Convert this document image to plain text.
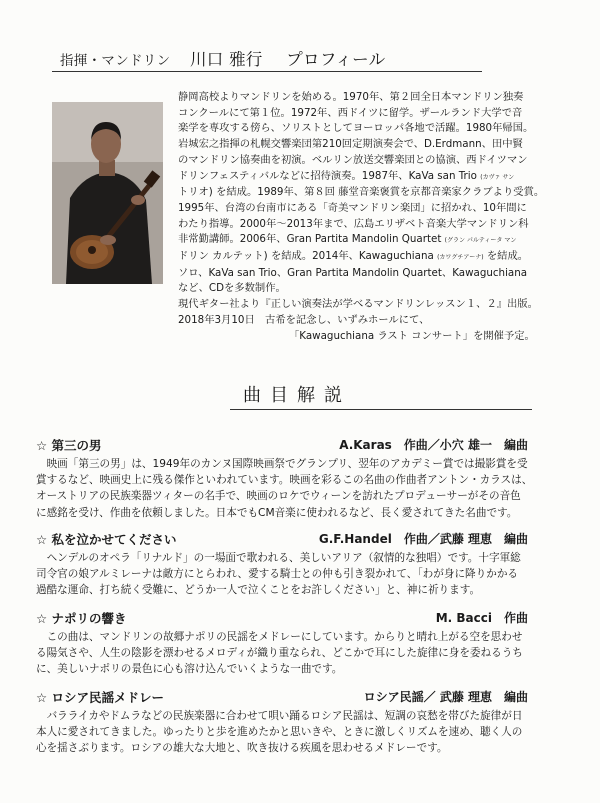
指揮・マンドリン 川口 雅行 プロフィール

静岡高校よりマンドリンを始める。1970年、第２回全日本マンドリン独奏

コンクールにて第１位。1972年、西ドイツに留学。ザールランド大学で音

楽学を専攻する傍ら、ソリストとしてヨーロッパ各地で活躍。1980年帰国。

岩城宏之指揮の札幌交響楽団第210回定期演奏会で、D.Erdmann、田中賢

のマンドリン協奏曲を初演。ベルリン放送交響楽団との協演、西ドイツマン

ドリンフェスティバルなどに招待演奏。1987年、KaVa san Trio (カヴァ サン

トリオ) を結成。1989年、第８回 藤堂音楽褒賞を京都音楽家クラブより受賞。

1995年、台湾の台南市にある「奇美マンドリン楽団」に招かれ、10年間に

わたり指導。2000年～2013年まで、広島エリザベト音楽大学マンドリン科

非常勤講師。2006年、Gran Partita Mandolin Quartet (グラン パルティータ マン

ドリン カルテット) を結成。2014年、Kawaguchiana (カワグチアーナ) を結成。

ソロ、KaVa san Trio、Gran Partita Mandolin Quartet、Kawaguchiana

など、CDを多数制作。

現代ギター社より『正しい演奏法が学べるマンドリンレッスン１、２』出版。

2018年3月10日　古希を記念し、いずみホールにて、

「Kawaguchiana ラスト コンサート」を開催予定。

曲目解説
☆ 第三の男	A.Karas　作曲／小穴 雄一　編曲

　映画「第三の男」は、1949年のカンヌ国際映画祭でグランプリ、翌年のアカデミー賞では撮影賞を受

賞するなど、映画史上に残る傑作といわれています。映画を彩るこの名曲の作曲者アントン・カラスは、

オーストリアの民族楽器ツィターの名手で、映画のロケでウィーンを訪れたプロデューサーがその音色

に感銘を受け、作曲を依頼しました。日本でもCM音楽に使われるなど、長く愛されてきた名曲です。

☆ 私を泣かせてください	G.F.Handel　作曲／武藤 理恵　編曲

　ヘンデルのオペラ「リナルド」の一場面で歌われる、美しいアリア（叙情的な独唱）です。十字軍総

司令官の娘アルミレーナは敵方にとらわれ、愛する騎士との仲も引き裂かれて、「わが身に降りかかる

過酷な運命、打ち続く受難に、どうか一人で泣くことをお許しください」と、神に祈ります。

☆ ナポリの響き	M. Bacci　作曲

　この曲は、マンドリンの故郷ナポリの民謡をメドレーにしています。からりと晴れ上がる空を思わせ

る陽気さや、人生の陰影を漂わせるメロディが織り重なられ、どこかで耳にした旋律に身を委ねるうち

に、美しいナポリの景色に心も溶け込んでいくような一曲です。

☆ ロシア民謡メドレー	ロシア民謡／ 武藤 理恵　編曲

　バラライカやドムラなどの民族楽器に合わせて唄い踊るロシア民謡は、短調の哀愁を帯びた旋律が日

本人に愛されてきました。ゆったりと歩を進めたかと思いきや、ときに激しくリズムを速め、聴く人の

心を揺さぶります。ロシアの雄大な大地と、吹き抜ける疾風を思わせるメドレーです。
